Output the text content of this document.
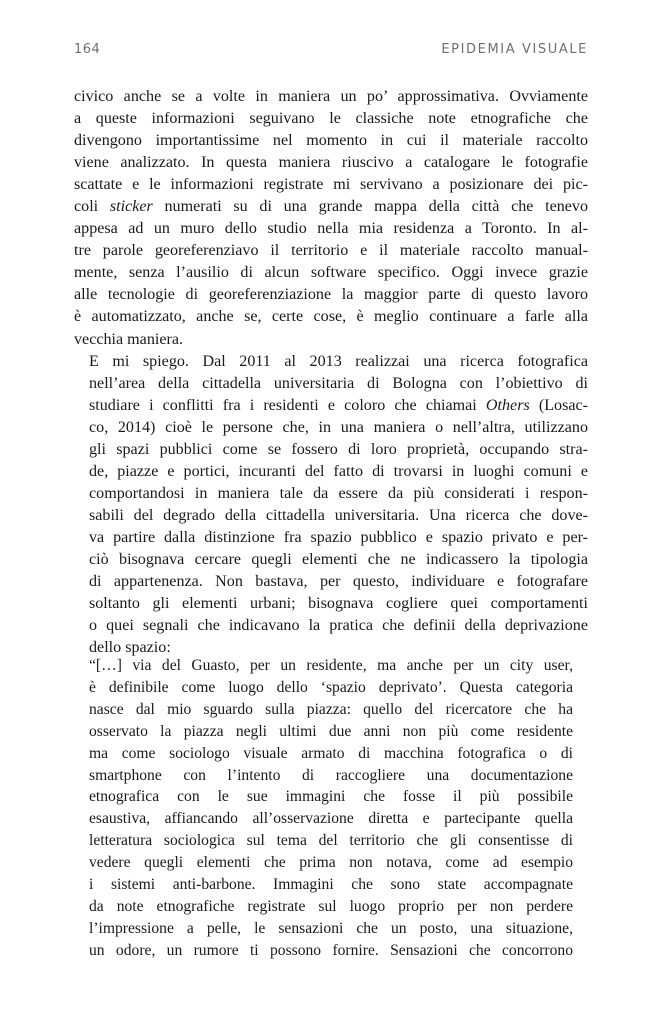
164	EPIDEMIA VISUALE

civico anche se a volte in maniera un po’ approssimativa. Ovviamente
a queste informazioni seguivano le classiche note etnografiche che
divengono importantissime nel momento in cui il materiale raccolto
viene analizzato. In questa maniera riuscivo a catalogare le fotografie
scattate e le informazioni registrate mi servivano a posizionare dei pic-
coli sticker numerati su di una grande mappa della città che tenevo
appesa ad un muro dello studio nella mia residenza a Toronto. In al-
tre parole georeferenziavo il territorio e il materiale raccolto manual-
mente, senza l’ausilio di alcun software specifico. Oggi invece grazie
alle tecnologie di georeferenziazione la maggior parte di questo lavoro
è automatizzato, anche se, certe cose, è meglio continuare a farle alla
vecchia maniera.

E mi spiego. Dal 2011 al 2013 realizzai una ricerca fotografica
nell’area della cittadella universitaria di Bologna con l’obiettivo di
studiare i conflitti fra i residenti e coloro che chiamai Others (Losac-
co, 2014) cioè le persone che, in una maniera o nell’altra, utilizzano
gli spazi pubblici come se fossero di loro proprietà, occupando stra-
de, piazze e portici, incuranti del fatto di trovarsi in luoghi comuni e
comportandosi in maniera tale da essere da più considerati i respon-
sabili del degrado della cittadella universitaria. Una ricerca che dove-
va partire dalla distinzione fra spazio pubblico e spazio privato e per-
ciò bisognava cercare quegli elementi che ne indicassero la tipologia
di appartenenza. Non bastava, per questo, individuare e fotografare
soltanto gli elementi urbani; bisognava cogliere quei comportamenti
o quei segnali che indicavano la pratica che definii della deprivazione
dello spazio:

“[…] via del Guasto, per un residente, ma anche per un city user,
è definibile come luogo dello ‘spazio deprivato’. Questa categoria
nasce dal mio sguardo sulla piazza: quello del ricercatore che ha
osservato la piazza negli ultimi due anni non più come residente
ma come sociologo visuale armato di macchina fotografica o di
smartphone con l’intento di raccogliere una documentazione
etnografica con le sue immagini che fosse il più possibile
esaustiva, affiancando all’osservazione diretta e partecipante quella
letteratura sociologica sul tema del territorio che gli consentisse di
vedere quegli elementi che prima non notava, come ad esempio
i sistemi anti-barbone. Immagini che sono state accompagnate
da note etnografiche registrate sul luogo proprio per non perdere
l’impressione a pelle, le sensazioni che un posto, una situazione,
un odore, un rumore ti possono fornire. Sensazioni che concorrono
